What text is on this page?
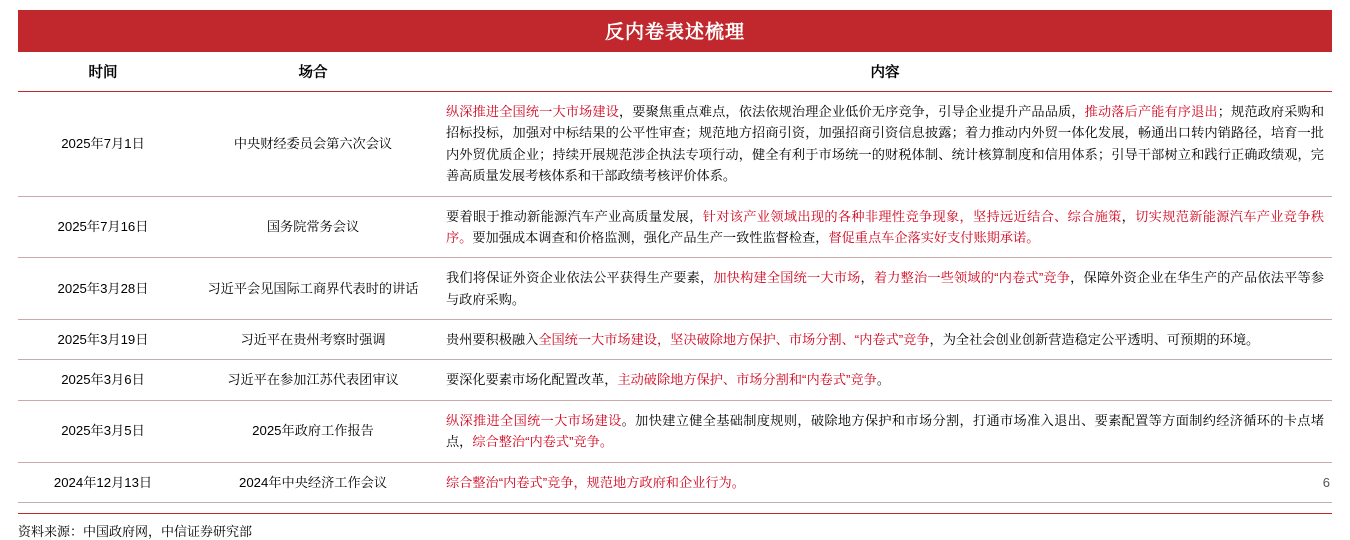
反内卷表述梳理
时间	场合	内容
2025年7月1日	中央财经委员会第六次会议	纵深推进全国统一大市场建设，要聚焦重点难点，依法依规治理企业低价无序竞争，引导企业提升产品品质，推动落后产能有序退出；规范政府采购和招标投标，加强对中标结果的公平性审查；规范地方招商引资，加强招商引资信息披露；着力推动内外贸一体化发展，畅通出口转内销路径，培育一批内外贸优质企业；持续开展规范涉企执法专项行动，健全有利于市场统一的财税体制、统计核算制度和信用体系；引导干部树立和践行正确政绩观，完善高质量发展考核体系和干部政绩考核评价体系。
2025年7月16日	国务院常务会议	要着眼于推动新能源汽车产业高质量发展，针对该产业领域出现的各种非理性竞争现象，坚持远近结合、综合施策，切实规范新能源汽车产业竞争秩序。要加强成本调查和价格监测，强化产品生产一致性监督检查，督促重点车企落实好支付账期承诺。
2025年3月28日	习近平会见国际工商界代表时的讲话	我们将保证外资企业依法公平获得生产要素，加快构建全国统一大市场，着力整治一些领域的“内卷式”竞争，保障外资企业在华生产的产品依法平等参与政府采购。
2025年3月19日	习近平在贵州考察时强调	贵州要积极融入全国统一大市场建设，坚决破除地方保护、市场分割、“内卷式”竞争，为全社会创业创新营造稳定公平透明、可预期的环境。
2025年3月6日	习近平在参加江苏代表团审议	要深化要素市场化配置改革，主动破除地方保护、市场分割和“内卷式”竞争。
2025年3月5日	2025年政府工作报告	纵深推进全国统一大市场建设。加快建立健全基础制度规则，破除地方保护和市场分割，打通市场准入退出、要素配置等方面制约经济循环的卡点堵点，综合整治“内卷式”竞争。
2024年12月13日	2024年中央经济工作会议	综合整治“内卷式”竞争，规范地方政府和企业行为。
资料来源：中国政府网，中信证券研究部
6
